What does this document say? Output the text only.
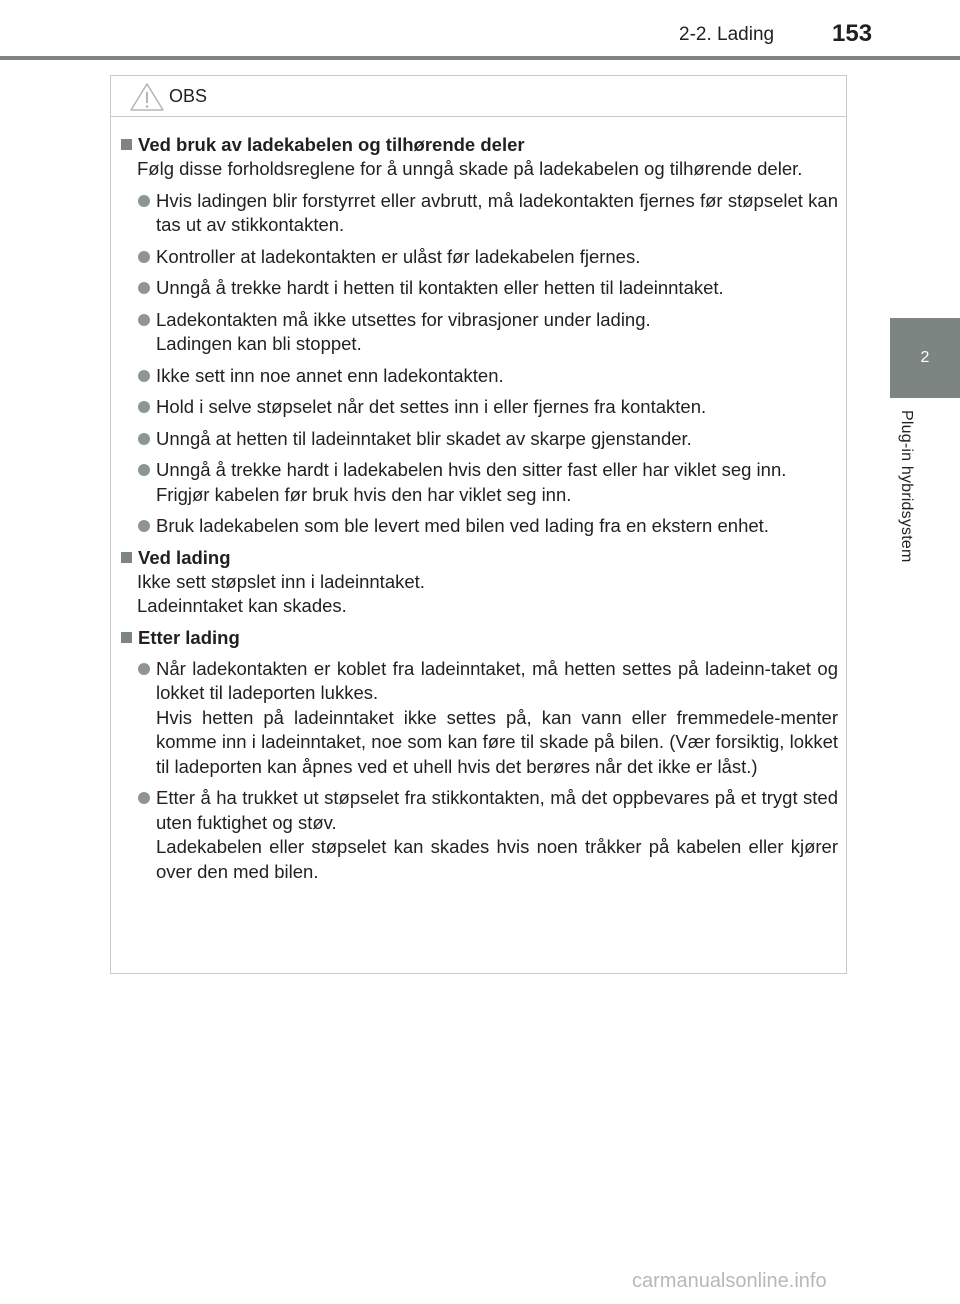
2-2. Lading 153
2
Plug-in hybridsystem
OBS
Ved bruk av ladekabelen og tilhørende deler
Følg disse forholdsreglene for å unngå skade på ladekabelen og tilhørende deler.
Hvis ladingen blir forstyrret eller avbrutt, må ladekontakten fjernes før støpselet kan tas ut av stikkontakten.
Kontroller at ladekontakten er ulåst før ladekabelen fjernes.
Unngå å trekke hardt i hetten til kontakten eller hetten til ladeinntaket.
Ladekontakten må ikke utsettes for vibrasjoner under lading.
Ladingen kan bli stoppet.
Ikke sett inn noe annet enn ladekontakten.
Hold i selve støpselet når det settes inn i eller fjernes fra kontakten.
Unngå at hetten til ladeinntaket blir skadet av skarpe gjenstander.
Unngå å trekke hardt i ladekabelen hvis den sitter fast eller har viklet seg inn.
Frigjør kabelen før bruk hvis den har viklet seg inn.
Bruk ladekabelen som ble levert med bilen ved lading fra en ekstern enhet.
Ved lading
Ikke sett støpslet inn i ladeinntaket.
Ladeinntaket kan skades.
Etter lading
Når ladekontakten er koblet fra ladeinntaket, må hetten settes på ladeinn-taket og lokket til ladeporten lukkes.
Hvis hetten på ladeinntaket ikke settes på, kan vann eller fremmedele-menter komme inn i ladeinntaket, noe som kan føre til skade på bilen. (Vær forsiktig, lokket til ladeporten kan åpnes ved et uhell hvis det berøres når det ikke er låst.)
Etter å ha trukket ut støpselet fra stikkontakten, må det oppbevares på et trygt sted uten fuktighet og støv.
Ladekabelen eller støpselet kan skades hvis noen tråkker på kabelen eller kjører over den med bilen.
carmanualsonline.info
